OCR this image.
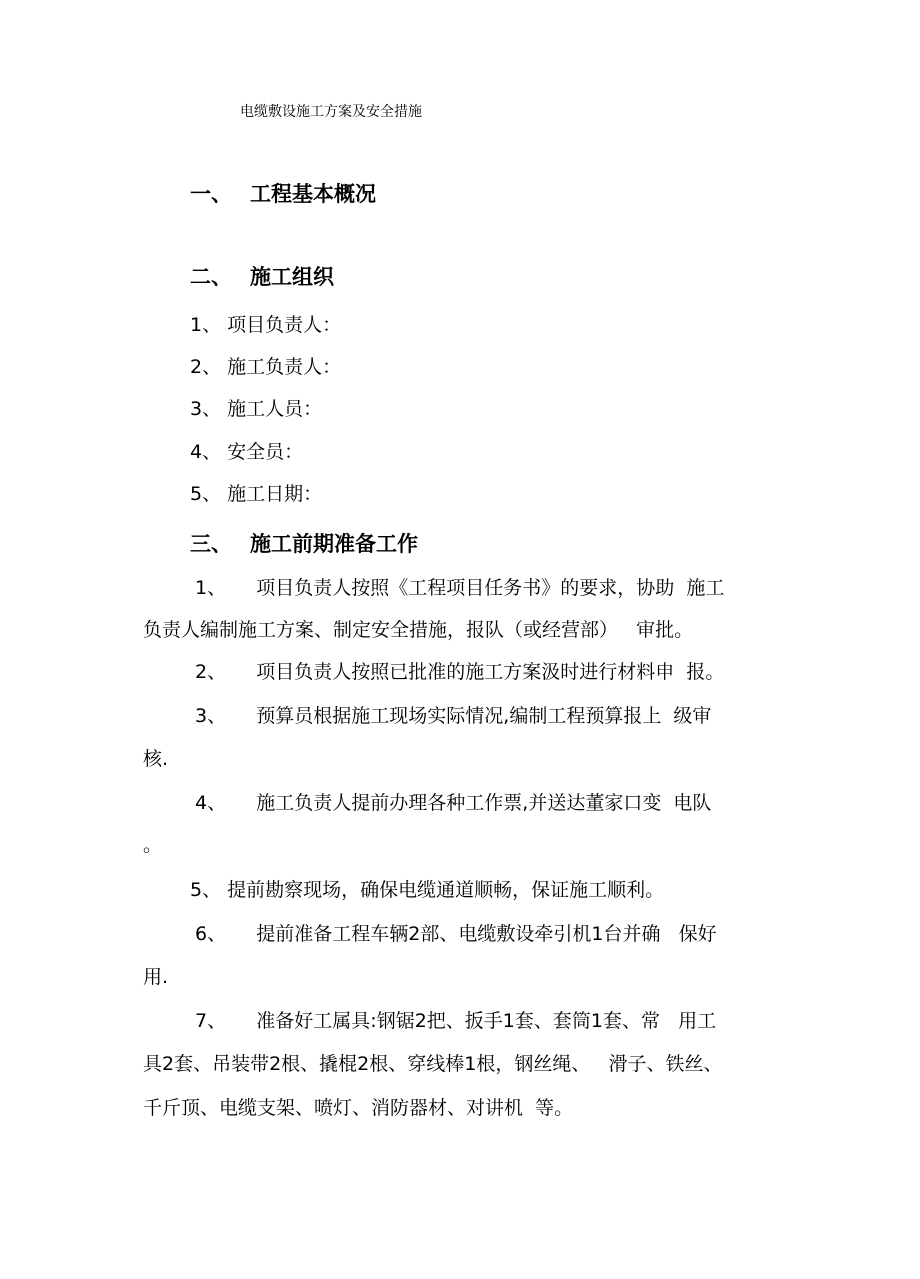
电缆敷设施工方案及安全措施
一、 工程基本概况
二、 施工组织
1、 项目负责人：
2、 施工负责人：
3、 施工人员：
4、 安全员：
5、 施工日期：
三、 施工前期准备工作
1、     项目负责人按照《工程项目任务书》的要求，协助  施工
负责人编制施工方案、制定安全措施，报队（或经营部）   审批。
2、     项目负责人按照已批准的施工方案汲时进行材料申  报。
3、     预算员根据施工现场实际情况,编制工程预算报上  级审
核.
4、     施工负责人提前办理各种工作票,并送达董家口变  电队
。
5、 提前勘察现场，确保电缆通道顺畅，保证施工顺利。
6、     提前准备工程车辆2部、电缆敷设牵引机1台并确   保好
用.
7、     准备好工属具:钢锯2把、扳手1套、套筒1套、常   用工
具2套、吊装带2根、撬棍2根、穿线棒1根，钢丝绳、   滑子、铁丝、
千斤顶、电缆支架、喷灯、消防器材、对讲机  等。
